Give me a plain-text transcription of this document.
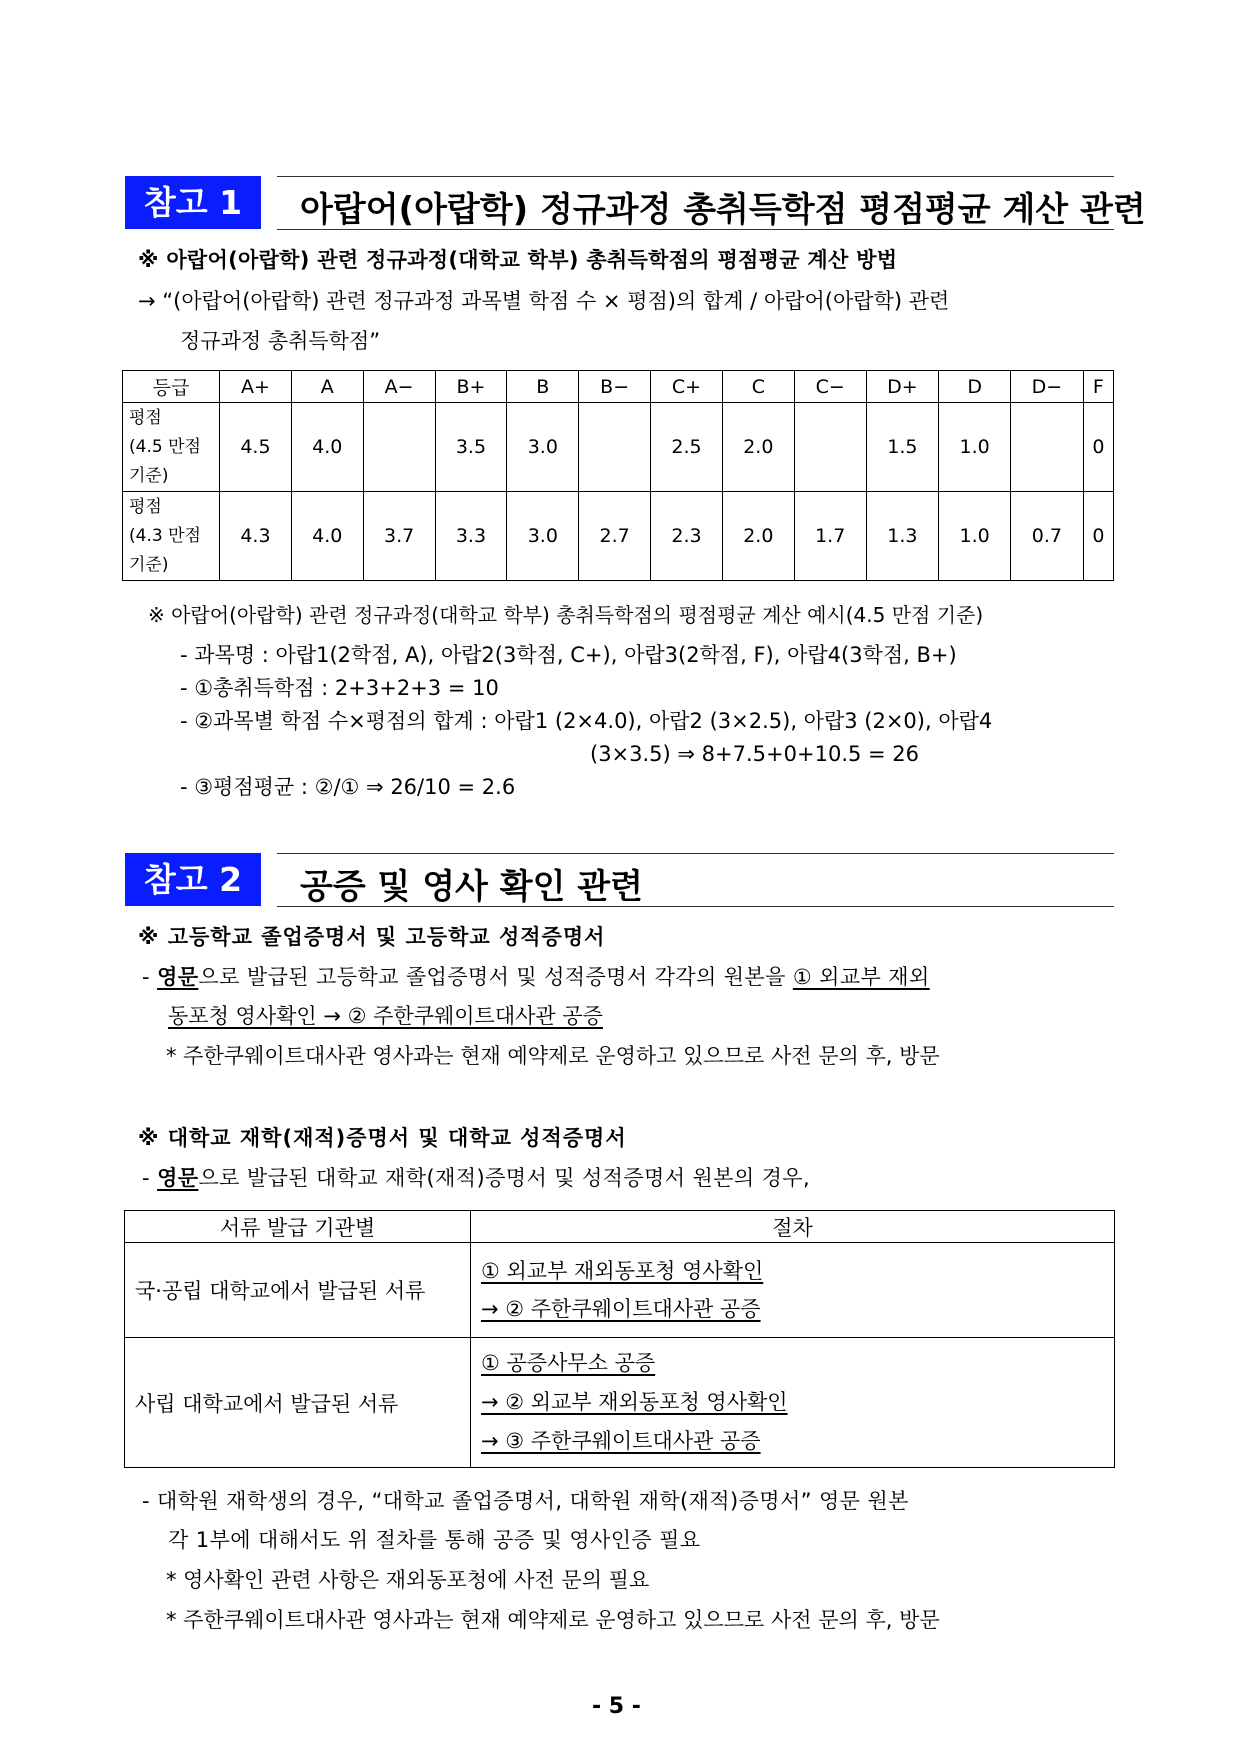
참고 1	아랍어(아랍학) 정규과정 총취득학점 평점평균 계산 관련
※ 아랍어(아랍학) 관련 정규과정(대학교 학부) 총취득학점의 평점평균 계산 방법
→ “(아랍어(아랍학) 관련 정규과정 과목별 학점 수 × 평점)의 합계 / 아랍어(아랍학) 관련
정규과정 총취득학점”
등급	A+	A	A−	B+	B	B−	C+	C	C−	D+	D	D−	F

평점
(4.5 만점
기준)	4.5	4.0		3.5	3.0		2.5	2.0		1.5	1.0		0

평점
(4.3 만점
기준)	4.3	4.0	3.7	3.3	3.0	2.7	2.3	2.0	1.7	1.3	1.0	0.7	0
※ 아랍어(아랍학) 관련 정규과정(대학교 학부) 총취득학점의 평점평균 계산 예시(4.5 만점 기준)
- 과목명 : 아랍1(2학점, A), 아랍2(3학점, C+), 아랍3(2학점, F), 아랍4(3학점, B+)
- ①총취득학점 : 2+3+2+3 = 10
- ②과목별 학점 수×평점의 합계 : 아랍1 (2×4.0), 아랍2 (3×2.5), 아랍3 (2×0), 아랍4
(3×3.5) ⇒ 8+7.5+0+10.5 = 26
- ③평점평균 : ②/① ⇒ 26/10 = 2.6
참고 2	공증 및 영사 확인 관련
※ 고등학교 졸업증명서 및 고등학교 성적증명서
- 영문으로 발급된 고등학교 졸업증명서 및 성적증명서 각각의 원본을 ① 외교부 재외
동포청 영사확인 → ② 주한쿠웨이트대사관 공증
* 주한쿠웨이트대사관 영사과는 현재 예약제로 운영하고 있으므로 사전 문의 후, 방문
※ 대학교 재학(재적)증명서 및 대학교 성적증명서
- 영문으로 발급된 대학교 재학(재적)증명서 및 성적증명서 원본의 경우,
서류 발급 기관별	절차
국·공립 대학교에서 발급된 서류	① 외교부 재외동포청 영사확인
→ ② 주한쿠웨이트대사관 공증

사립 대학교에서 발급된 서류	① 공증사무소 공증
→ ② 외교부 재외동포청 영사확인
→ ③ 주한쿠웨이트대사관 공증
- 대학원 재학생의 경우, “대학교 졸업증명서, 대학원 재학(재적)증명서” 영문 원본
각 1부에 대해서도 위 절차를 통해 공증 및 영사인증 필요
* 영사확인 관련 사항은 재외동포청에 사전 문의 필요
* 주한쿠웨이트대사관 영사과는 현재 예약제로 운영하고 있으므로 사전 문의 후, 방문
- 5 -
